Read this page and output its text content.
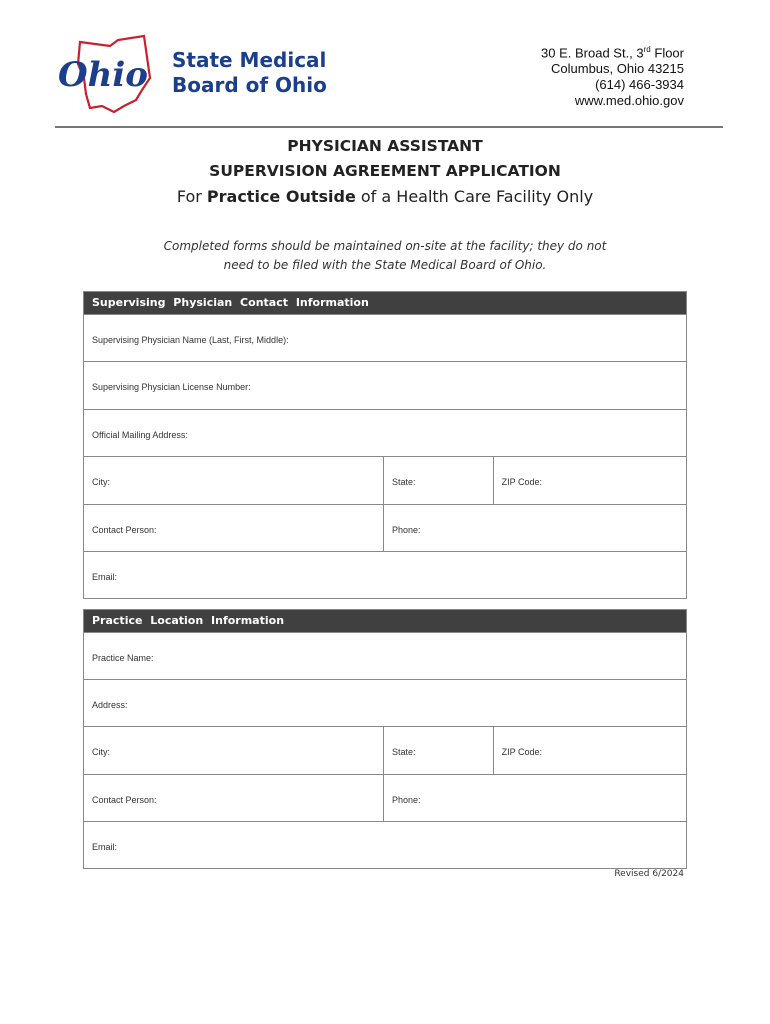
Ohio State Medical
Board of Ohio
30 E. Broad St., 3rd Floor
Columbus, Ohio 43215
(614) 466-3934
www.med.ohio.gov
PHYSICIAN ASSISTANT
SUPERVISION AGREEMENT APPLICATION
For Practice Outside of a Health Care Facility Only
Completed forms should be maintained on-site at the facility; they do not
need to be filed with the State Medical Board of Ohio.
Supervising Physician Contact Information
Supervising Physician Name (Last, First, Middle):
Supervising Physician License Number:
Official Mailing Address:
City:	State:	ZIP Code:
Contact Person:	Phone:
Email:
Practice Location Information
Practice Name:
Address:
City:	State:	ZIP Code:
Contact Person:	Phone:
Email:
Revised 6/2024
